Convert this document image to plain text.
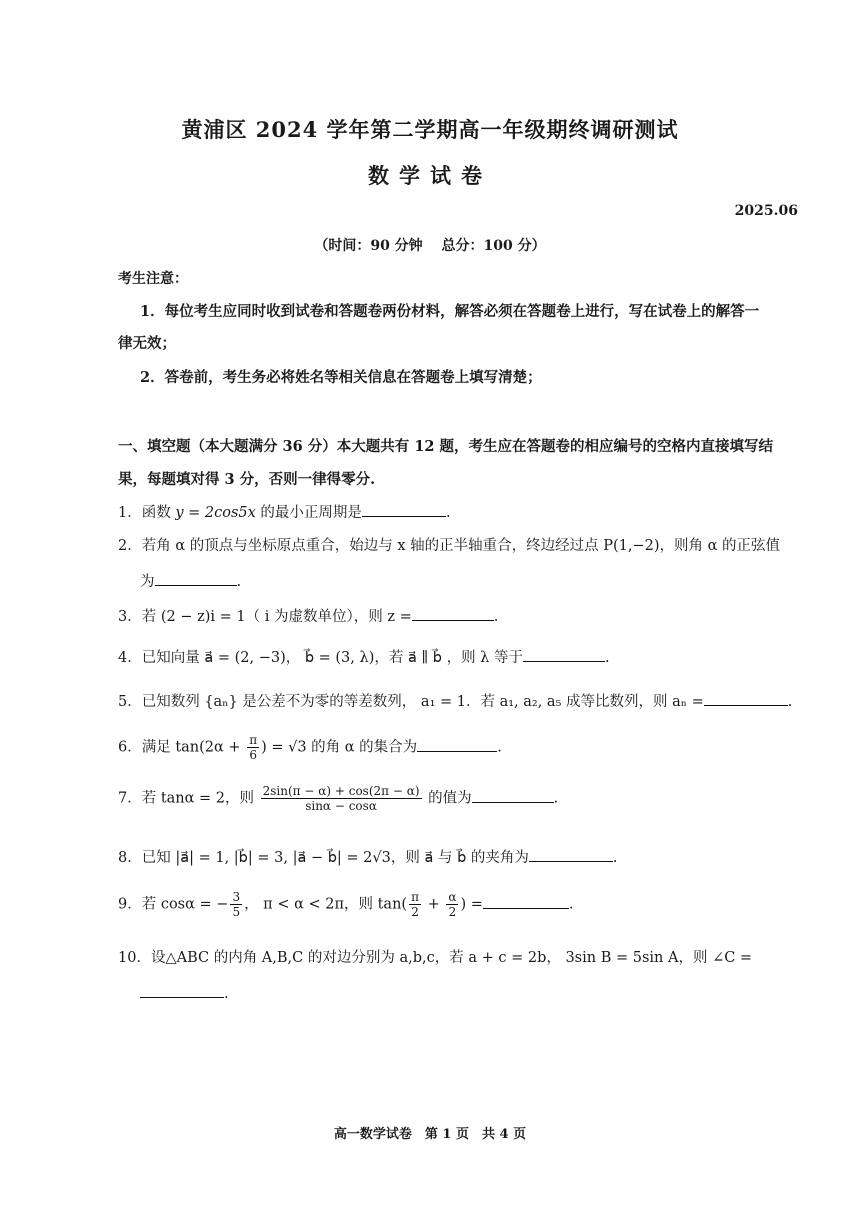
黄浦区 2024 学年第二学期高一年级期终调研测试
数学试卷
2025.06
（时间：90 分钟　 总分：100 分）
考生注意：
1．每位考生应同时收到试卷和答题卷两份材料，解答必须在答题卷上进行，写在试卷上的解答一
律无效；
2．答卷前，考生务必将姓名等相关信息在答题卷上填写清楚；
一、填空题（本大题满分 36 分）本大题共有 12 题，考生应在答题卷的相应编号的空格内直接填写结
果，每题填对得 3 分，否则一律得零分.
1．函数 y = 2cos5x 的最小正周期是	.
2．若角 α 的顶点与坐标原点重合，始边与 x 轴的正半轴重合，终边经过点 P(1,−2)，则角 α 的正弦值
为	.
3．若 (2 − z)i = 1（ i 为虚数单位），则 z =	.
4．已知向量 a⃗ = (2, −3)， b⃗ = (3, λ)，若 a⃗ ∥ b⃗ ，则 λ 等于	.
5．已知数列 {aₙ} 是公差不为零的等差数列， a₁ = 1．若 a₁, a₂, a₅ 成等比数列，则 aₙ =	.
6．满足 $\tan(2\alpha + \frac{\pi}{6}$ ) = √3 的角 α 的集合为	.
7．若 tanα = 2，则 $\frac{2\sin(\pi - \alpha) + \cos(2\pi - \alpha)}{\sin\alpha - \cos\alpha}$ 的值为	.
8．已知 |a⃗| = 1, |b⃗| = 3, |a⃗ − b⃗| = 2√3，则 a⃗ 与 b⃗ 的夹角为	.
9．若 cosα = − $\frac{3}{5}$ ， π < α < 2π，则 $\tan( \frac{\pi}{2} + \frac{\alpha}{2}$ ) =	.
10．设△ABC 的内角 A,B,C 的对边分别为 a,b,c，若 a + c = 2b， 3sin B = 5sin A，则 ∠C =
.
高一数学试卷　第 1 页　共 4 页
